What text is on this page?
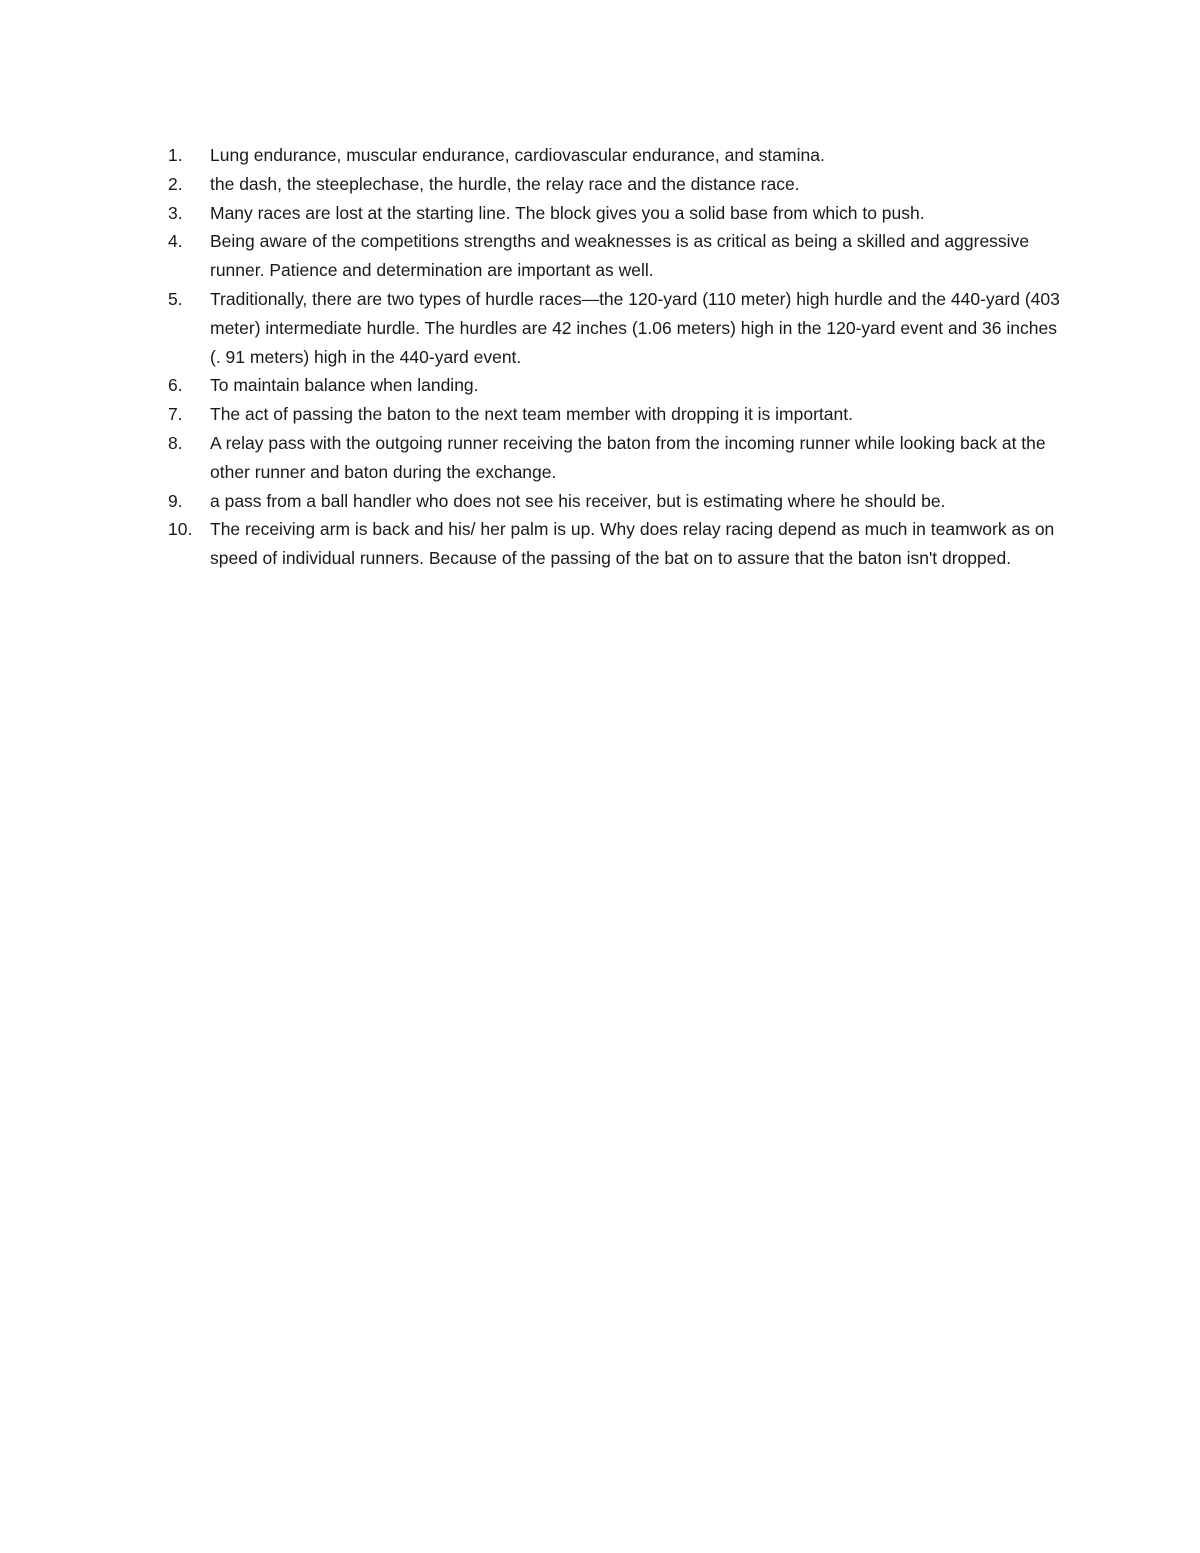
1.	Lung endurance, muscular endurance, cardiovascular endurance, and stamina.
2.	the dash, the steeplechase, the hurdle, the relay race and the distance race.
3.	Many races are lost at the starting line. The block gives you a solid base from which to push.
4.	Being aware of the competitions strengths and weaknesses is as critical as being a skilled and aggressive runner. Patience and determination are important as well.
5.	Traditionally, there are two types of hurdle races—the 120-yard (110 meter) high hurdle and the 440-yard (403 meter) intermediate hurdle. The hurdles are 42 inches (1.06 meters) high in the 120-yard event and 36 inches (. 91 meters) high in the 440-yard event.
6.	To maintain balance when landing.
7.	The act of passing the baton to the next team member with dropping it is important.
8.	A relay pass with the outgoing runner receiving the baton from the incoming runner while looking back at the other runner and baton during the exchange.
9.	a pass from a ball handler who does not see his receiver, but is estimating where he should be.
10.	The receiving arm is back and his/ her palm is up. Why does relay racing depend as much in teamwork as on speed of individual runners. Because of the passing of the bat on to assure that the baton isn't dropped.
